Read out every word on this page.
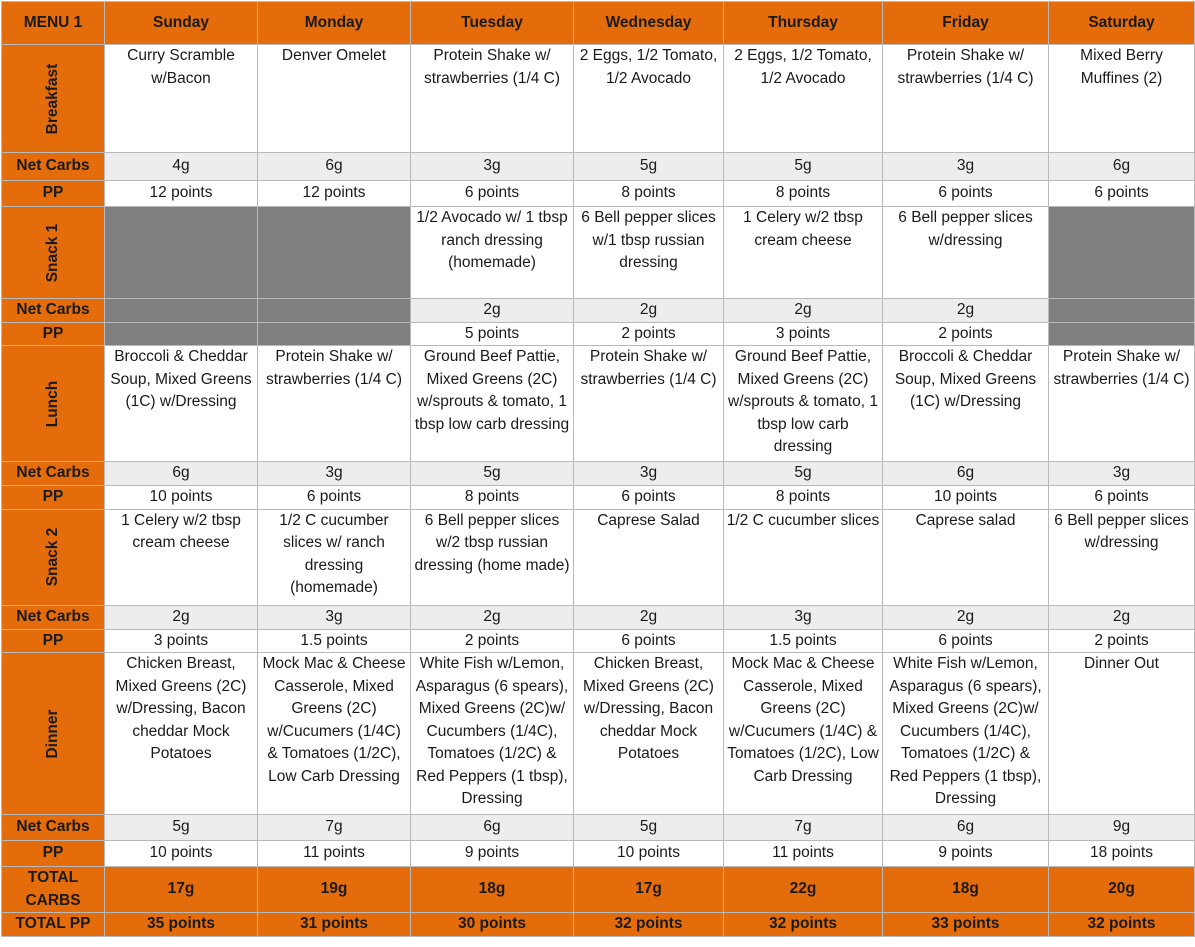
MENU 1	Sunday	Monday	Tuesday	Wednesday	Thursday	Friday	Saturday

Breakfast	Curry Scramble w/Bacon	Denver Omelet	Protein Shake w/ strawberries (1/4 C)	2 Eggs, 1/2 Tomato, 1/2 Avocado	2 Eggs, 1/2 Tomato, 1/2 Avocado	Protein Shake w/ strawberries (1/4 C)	Mixed Berry Muffines (2)
Net Carbs	4g	6g	3g	5g	5g	3g	6g
PP	12 points	12 points	6 points	8 points	8 points	6 points	6 points

Snack 1			1/2 Avocado w/ 1 tbsp ranch dressing (homemade)	6 Bell pepper slices w/1 tbsp russian dressing	1 Celery w/2 tbsp cream cheese	6 Bell pepper slices w/dressing	
Net Carbs			2g	2g	2g	2g	
PP			5 points	2 points	3 points	2 points	

Lunch	Broccoli & Cheddar Soup, Mixed Greens (1C) w/Dressing	Protein Shake w/ strawberries (1/4 C)	Ground Beef Pattie, Mixed Greens (2C) w/sprouts & tomato, 1 tbsp low carb dressing	Protein Shake w/ strawberries (1/4 C)	Ground Beef Pattie, Mixed Greens (2C) w/sprouts & tomato, 1 tbsp low carb dressing	Broccoli & Cheddar Soup, Mixed Greens (1C) w/Dressing	Protein Shake w/ strawberries (1/4 C)
Net Carbs	6g	3g	5g	3g	5g	6g	3g
PP	10 points	6 points	8 points	6 points	8 points	10 points	6 points

Snack 2	1 Celery w/2 tbsp cream cheese	1/2 C cucumber slices w/ ranch dressing (homemade)	6 Bell pepper slices w/2 tbsp russian dressing (home made)	Caprese Salad	1/2 C cucumber slices	Caprese salad	6 Bell pepper slices w/dressing
Net Carbs	2g	3g	2g	2g	3g	2g	2g
PP	3 points	1.5 points	2 points	6 points	1.5 points	6 points	2 points

Dinner	Chicken Breast, Mixed Greens (2C) w/Dressing, Bacon cheddar Mock Potatoes	Mock Mac & Cheese Casserole, Mixed Greens (2C) w/Cucumers (1/4C) & Tomatoes (1/2C), Low Carb Dressing	White Fish w/Lemon, Asparagus (6 spears), Mixed Greens (2C)w/ Cucumbers (1/4C), Tomatoes (1/2C) & Red Peppers (1 tbsp), Dressing	Chicken Breast, Mixed Greens (2C) w/Dressing, Bacon cheddar Mock Potatoes	Mock Mac & Cheese Casserole, Mixed Greens (2C) w/Cucumers (1/4C) & Tomatoes (1/2C), Low Carb Dressing	White Fish w/Lemon, Asparagus (6 spears), Mixed Greens (2C)w/ Cucumbers (1/4C), Tomatoes (1/2C) & Red Peppers (1 tbsp), Dressing	Dinner Out
Net Carbs	5g	7g	6g	5g	7g	6g	9g
PP	10 points	11 points	9 points	10 points	11 points	9 points	18 points
TOTAL CARBS	17g	19g	18g	17g	22g	18g	20g
TOTAL PP	35 points	31 points	30 points	32 points	32 points	33 points	32 points
